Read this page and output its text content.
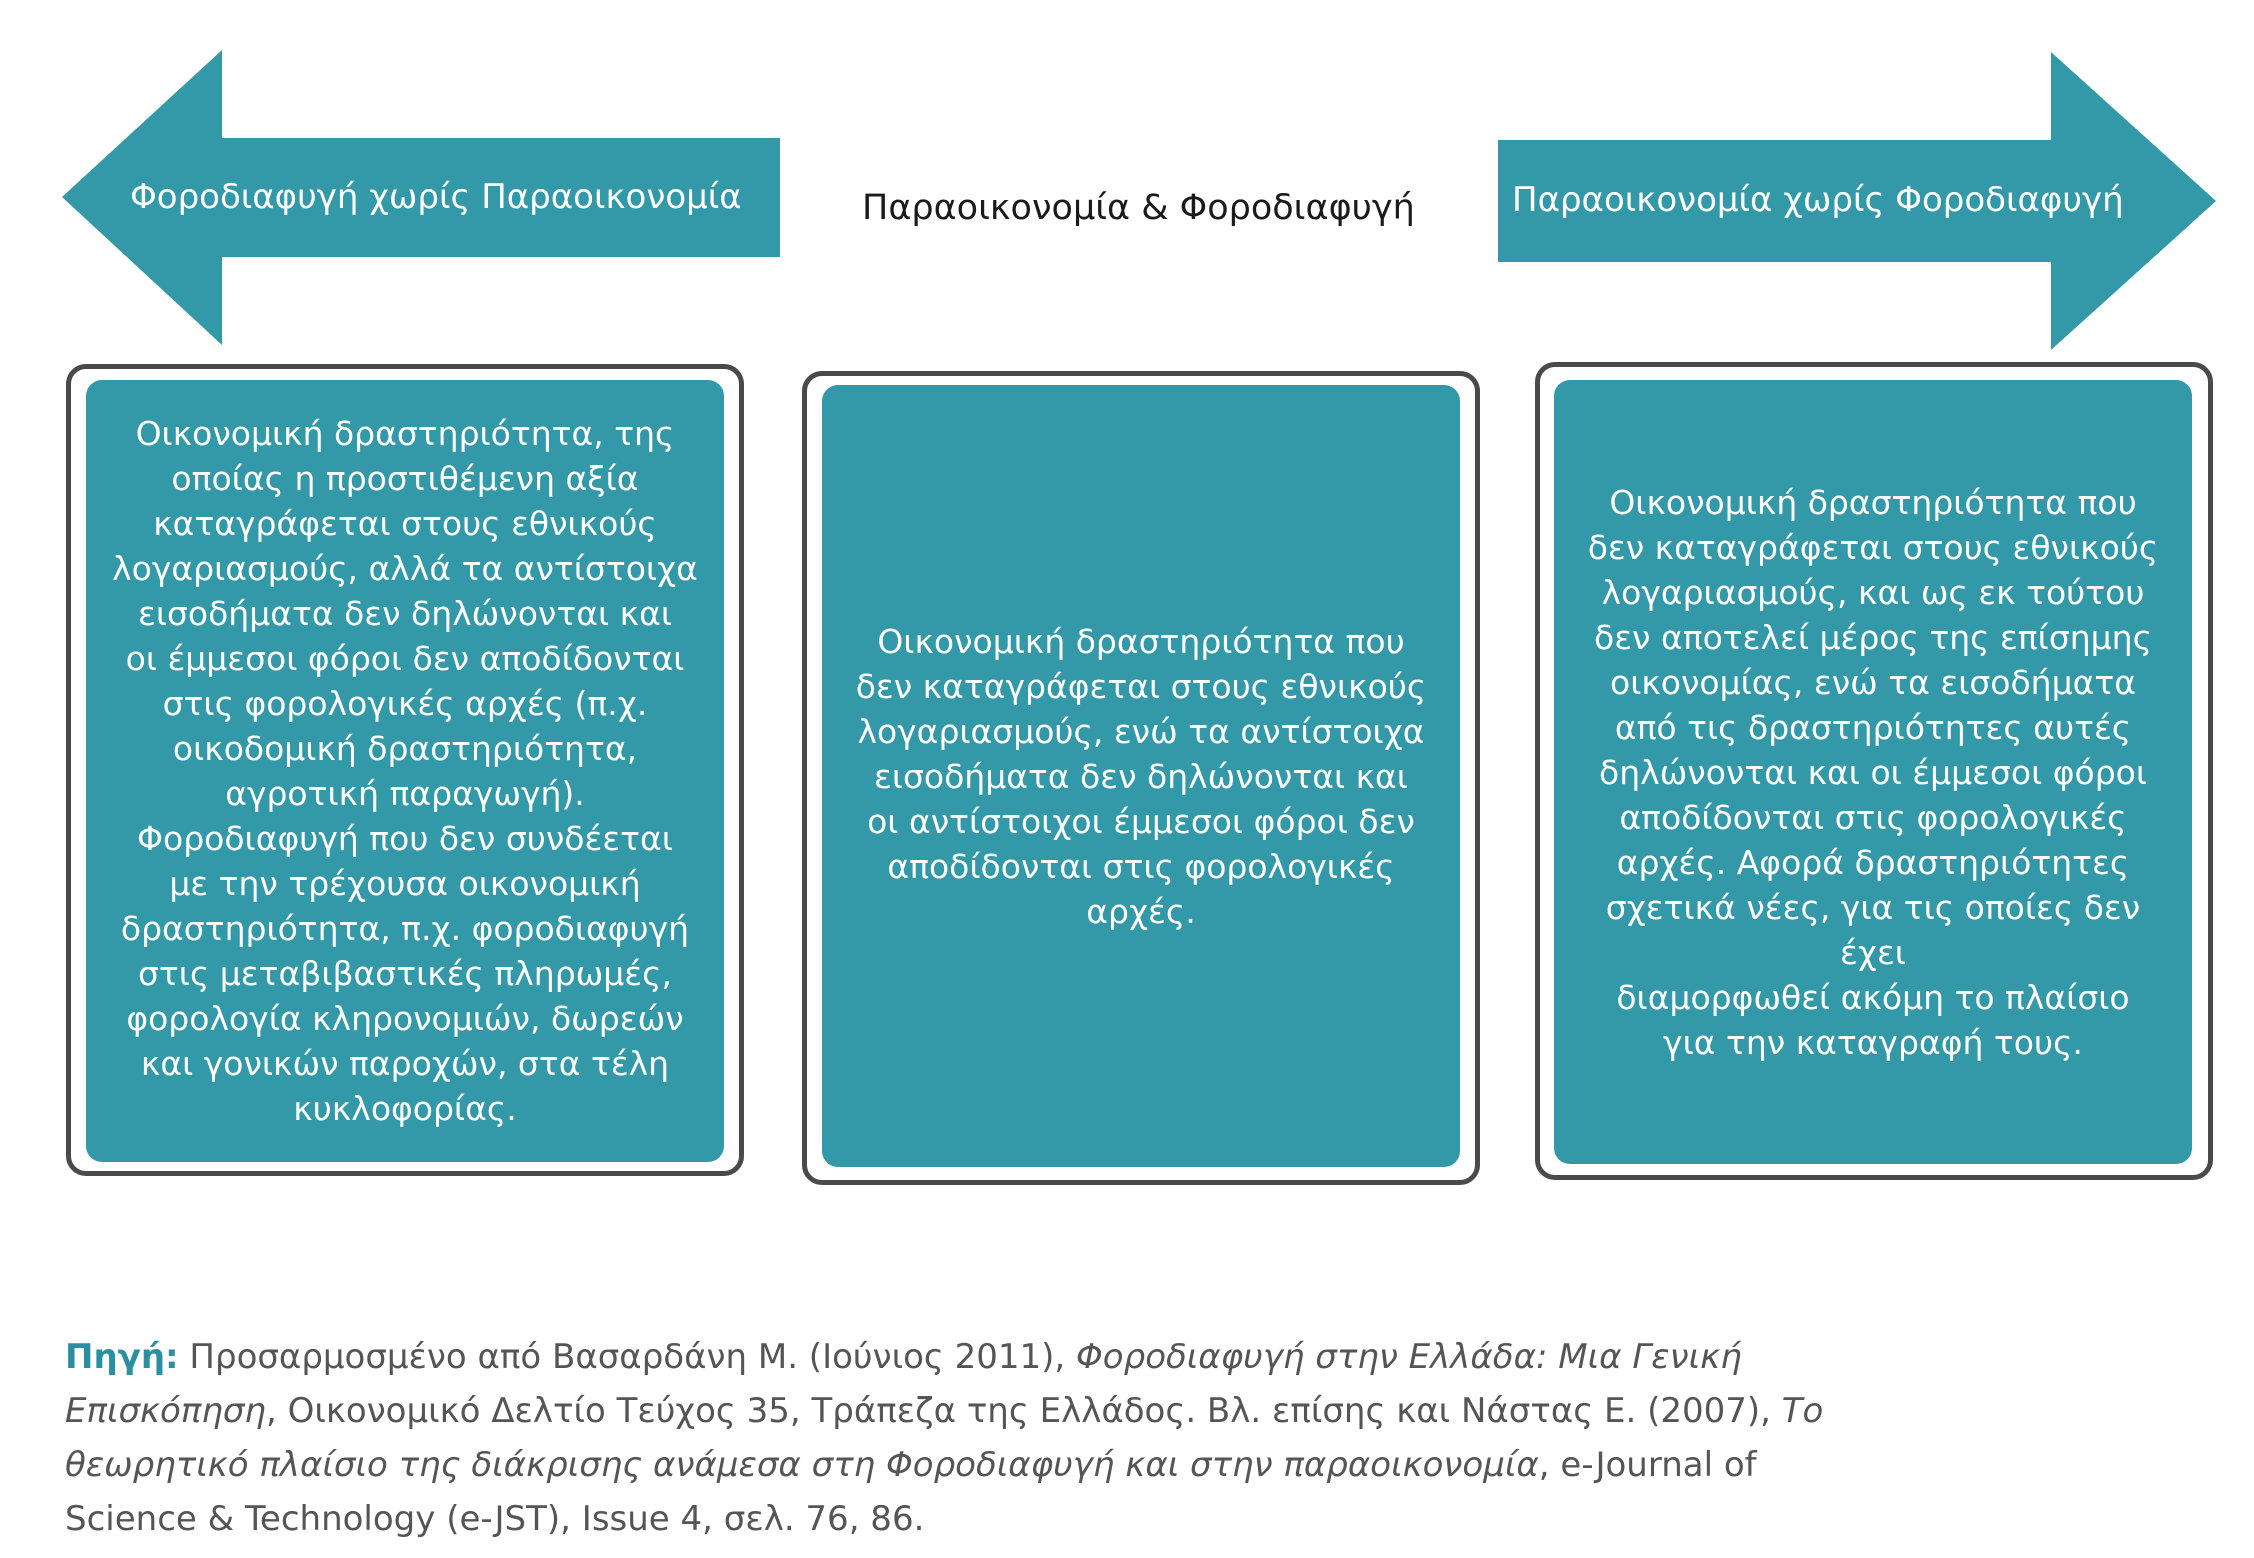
Φοροδιαφυγή χωρίς Παραοικονομία	Παραοικονομία & Φοροδιαφυγή	Παραοικονομία χωρίς Φοροδιαφυγή

Οικονομική δραστηριότητα, της
οποίας η προστιθέμενη αξία
καταγράφεται στους εθνικούς
λογαριασμούς, αλλά τα αντίστοιχα
εισοδήματα δεν δηλώνονται και
οι έμμεσοι φόροι δεν αποδίδονται
στις φορολογικές αρχές (π.χ.
οικοδομική δραστηριότητα,
αγροτική παραγωγή).
Φοροδιαφυγή που δεν συνδέεται
με την τρέχουσα οικονομική
δραστηριότητα, π.χ. φοροδιαφυγή
στις μεταβιβαστικές πληρωμές,
φορολογία κληρονομιών, δωρεών
και γονικών παροχών, στα τέλη
κυκλοφορίας.

Οικονομική δραστηριότητα που
δεν καταγράφεται στους εθνικούς
λογαριασμούς, ενώ τα αντίστοιχα
εισοδήματα δεν δηλώνονται και
οι αντίστοιχοι έμμεσοι φόροι δεν
αποδίδονται στις φορολογικές
αρχές.

Οικονομική δραστηριότητα που
δεν καταγράφεται στους εθνικούς
λογαριασμούς, και ως εκ τούτου
δεν αποτελεί μέρος της επίσημης
οικονομίας, ενώ τα εισοδήματα
από τις δραστηριότητες αυτές
δηλώνονται και οι έμμεσοι φόροι
αποδίδονται στις φορολογικές
αρχές. Αφορά δραστηριότητες
σχετικά νέες, για τις οποίες δεν έχει
διαμορφωθεί ακόμη το πλαίσιο
για την καταγραφή τους.

Πηγή: Προσαρμοσμένο από Βασαρδάνη Μ. (Ιούνιος 2011), Φοροδιαφυγή στην Ελλάδα: Μια Γενική Επισκόπηση, Οικονομικό Δελτίο Τεύχος 35, Τράπεζα της Ελλάδος. Βλ. επίσης και Νάστας Ε. (2007), Το θεωρητικό πλαίσιο της διάκρισης ανάμεσα στη Φοροδιαφυγή και στην παραοικονομία, e-Journal of Science & Technology (e-JST), Issue 4, σελ. 76, 86.
